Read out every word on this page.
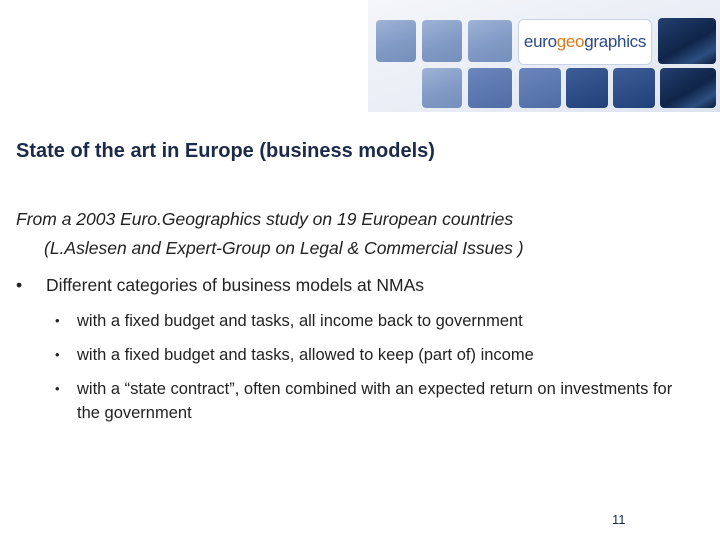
euro geo graphics
State of the art in Europe (business models)

From a 2003 Euro.Geographics study on 19 European countries
(L.Aslesen and Expert-Group on Legal & Commercial Issues )

•	Different categories of business models at NMAs

•	with a fixed budget and tasks, all income back to government
•	with a fixed budget and tasks, allowed to keep (part of) income
•	with a “state contract”, often combined with an expected return on investments for the government

11
